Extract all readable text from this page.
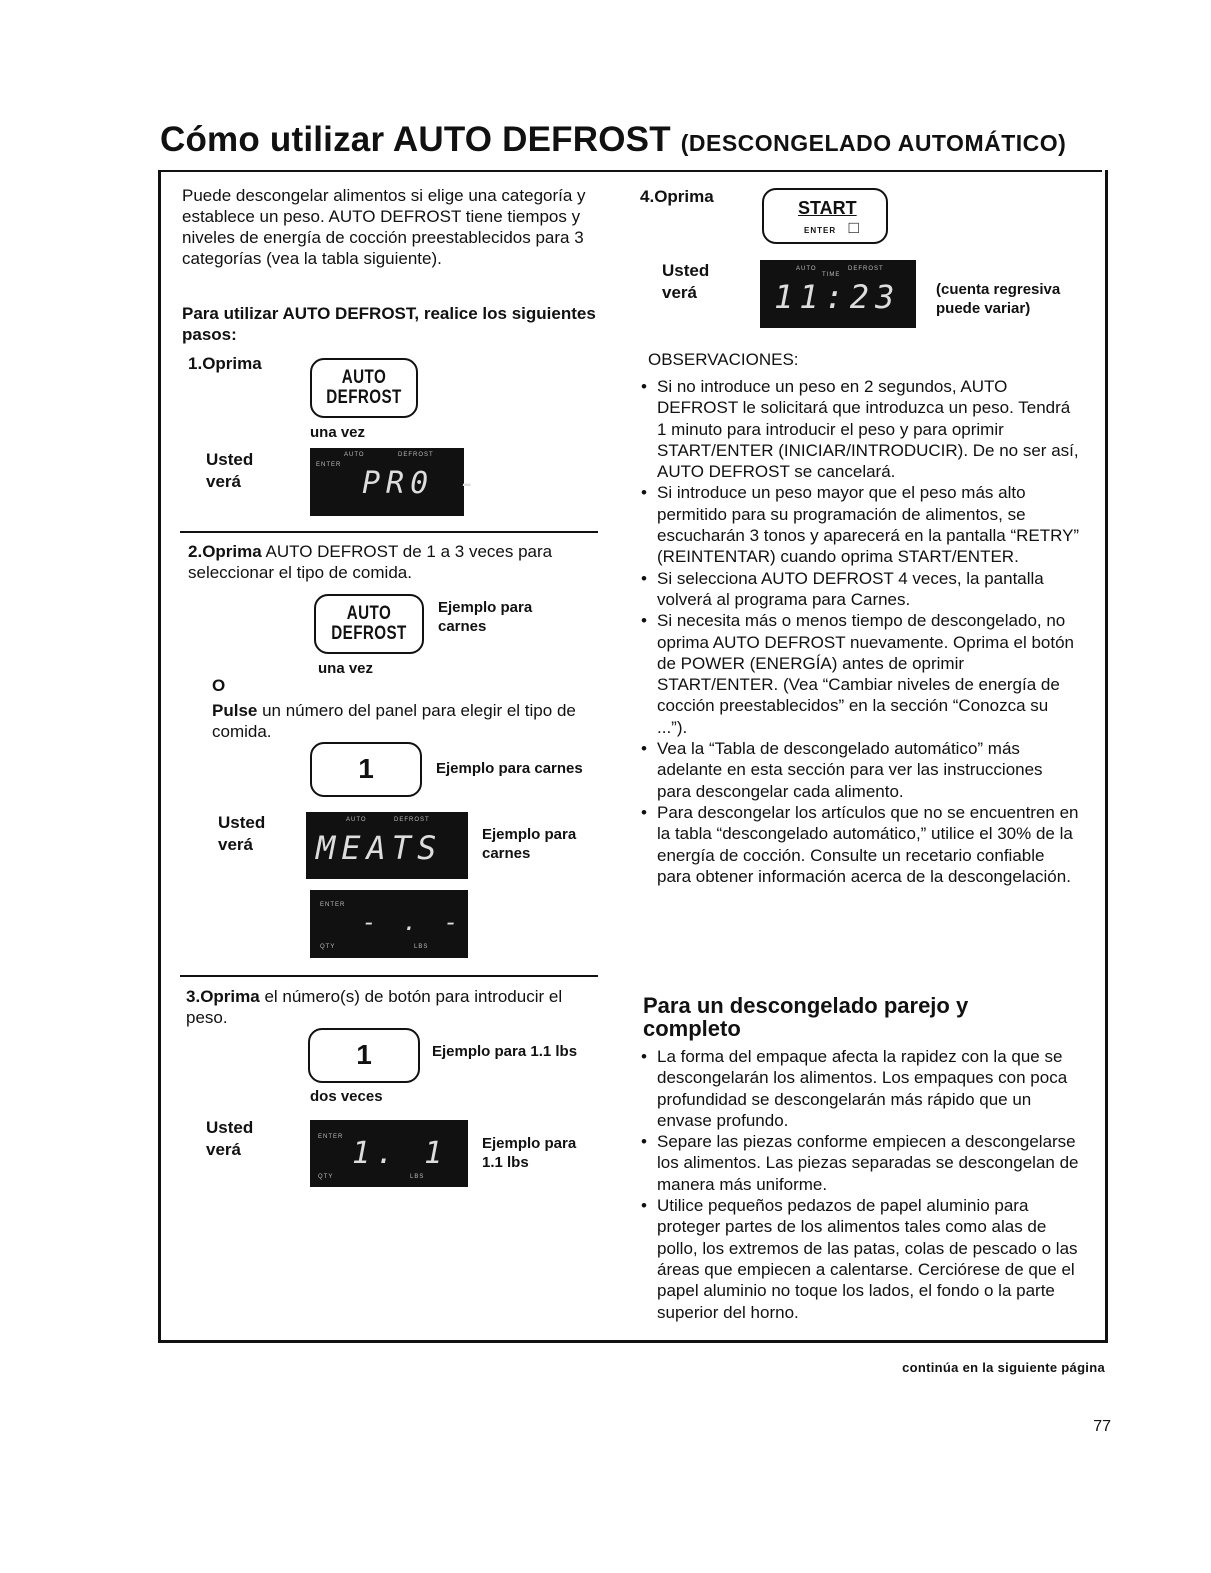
Cómo utilizar AUTO DEFROST (DESCONGELADO AUTOMÁTICO)
Puede descongelar alimentos si elige una categoría y establece un peso. AUTO DEFROST tiene tiempos y niveles de energía de cocción preestablecidos para 3 categorías (vea la tabla siguiente).
Para utilizar AUTO DEFROST, realice los siguientes pasos:
1.Oprima
AUTO
DEFROST
una vez
Usted
verá
ENTER
AUTO	DEFROST
PR0 -
2.Oprima AUTO DEFROST de 1 a 3 veces para seleccionar el tipo de comida.
AUTO
DEFROST
Ejemplo para
carnes
una vez
O
Pulse un número del panel para elegir el tipo de comida.
1	Ejemplo para carnes
Usted
verá
AUTO	DEFROST
MEATS	Ejemplo para
carnes
ENTER
QTY	LBS
- . -
3.Oprima el número(s) de botón para introducir el peso.
1	Ejemplo para 1.1 lbs
dos veces
Usted
verá
ENTER
QTY	LBS
1. 1 Ejemplo para
1.1 lbs
4.Oprima
START
ENTER □
Usted
verá
AUTO
TIME
DEFROST
11:23 (cuenta regresiva
puede variar)
OBSERVACIONES:
• Si no introduce un peso en 2 segundos, AUTO DEFROST le solicitará que introduzca un peso. Tendrá 1 minuto para introducir el peso y para oprimir START/ENTER (INICIAR/INTRODUCIR). De no ser así, AUTO DEFROST se cancelará.
• Si introduce un peso mayor que el peso más alto permitido para su programación de alimentos, se escucharán 3 tonos y aparecerá en la pantalla “RETRY” (REINTENTAR) cuando oprima START/ENTER.
• Si selecciona AUTO DEFROST 4 veces, la pantalla volverá al programa para Carnes.
• Si necesita más o menos tiempo de descongelado, no oprima AUTO DEFROST nuevamente. Oprima el botón de POWER (ENERGÍA) antes de oprimir START/ENTER. (Vea “Cambiar niveles de energía de cocción preestablecidos” en la sección “Conozca su ...”).
• Vea la “Tabla de descongelado automático” más adelante en esta sección para ver las instrucciones para descongelar cada alimento.
• Para descongelar los artículos que no se encuentren en la tabla “descongelado automático,” utilice el 30% de la energía de cocción. Consulte un recetario confiable para obtener información acerca de la descongelación.
Para un descongelado parejo y completo
• La forma del empaque afecta la rapidez con la que se descongelarán los alimentos. Los empaques con poca profundidad se descongelarán más rápido que un envase profundo.
• Separe las piezas conforme empiecen a descongelarse los alimentos. Las piezas separadas se descongelan de manera más uniforme.
• Utilice pequeños pedazos de papel aluminio para proteger partes de los alimentos tales como alas de pollo, los extremos de las patas, colas de pescado o las áreas que empiecen a calentarse. Cerciórese de que el papel aluminio no toque los lados, el fondo o la parte superior del horno.
continúa en la siguiente página
77
